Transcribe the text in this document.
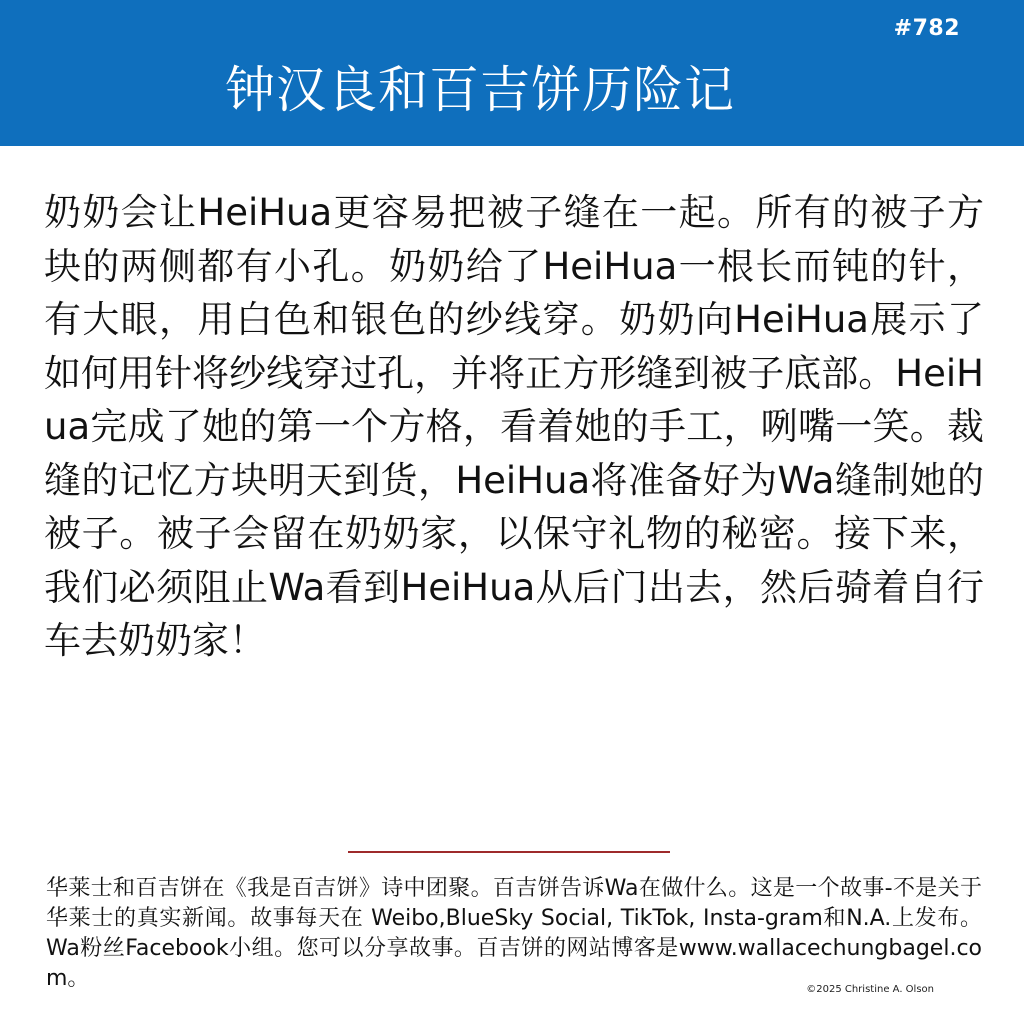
#782
钟汉良和百吉饼历险记

奶奶会让HeiHua更容易把被子缝在一起。所有的被子方块的两侧都有小孔。奶奶给了HeiHua一根长而钝的针，有大眼，用白色和银色的纱线穿。奶奶向HeiHua展示了如何用针将纱线穿过孔，并将正方形缝到被子底部。HeiHua完成了她的第一个方格，看着她的手工，咧嘴一笑。裁缝的记忆方块明天到货，HeiHua将准备好为Wa缝制她的被子。被子会留在奶奶家，以保守礼物的秘密。接下来，我们必须阻止Wa看到HeiHua从后门出去，然后骑着自行车去奶奶家！

华莱士和百吉饼在《我是百吉饼》诗中团聚。百吉饼告诉Wa在做什么。这是一个故事-不是关于华莱士的真实新闻。故事每天在 Weibo,BlueSky Social, TikTok, Insta-gram和N.A.上发布。Wa粉丝Facebook小组。您可以分享故事。百吉饼的网站博客是www.wallacechungbagel.com。	©2025 Christine A. Olson
